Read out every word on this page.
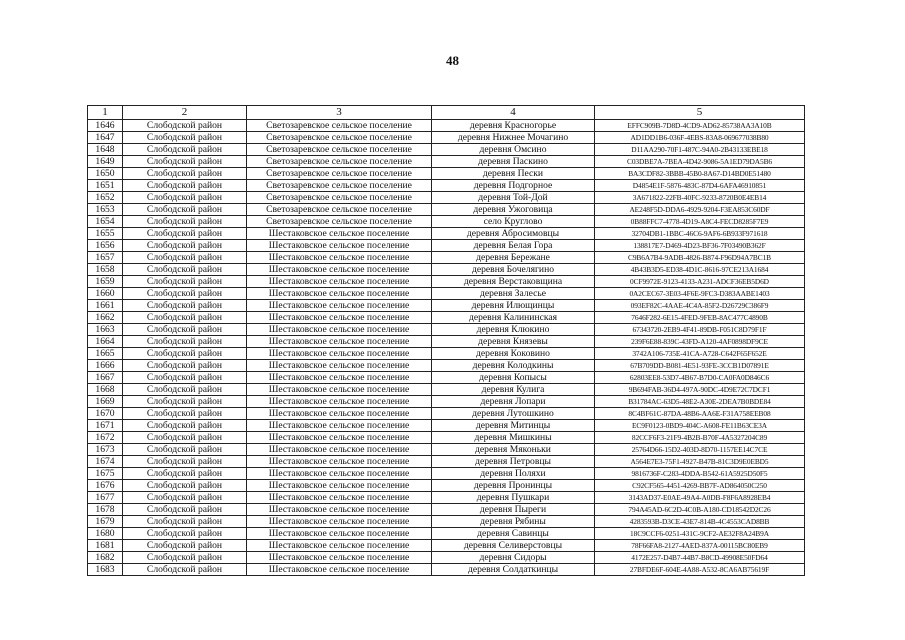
48
1	2	3	4	5
1646	Слободской район	Светозаревское сельское поселение	деревня Красногорье	EFFC909B-7D8D-4CD9-AD62-85738AA3A10B
1647	Слободской район	Светозаревское сельское поселение	деревня Нижнее Мочагино	AD1DD1B6-036F-4EBS-83A8-069677038B80
1648	Слободской район	Светозаревское сельское поселение	деревня Омсино	D11AA290-70F1-487C-94A0-2B43133EBE18
1649	Слободской район	Светозаревское сельское поселение	деревня Паскино	C03DBE7A-7BEA-4D42-9086-5A1ED79DA5B6
1650	Слободской район	Светозаревское сельское поселение	деревня Пески	BA3CDF82-3BBB-45B0-8A67-D14BD0E51480
1651	Слободской район	Светозаревское сельское поселение	деревня Подгорное	D4854E1F-5876-483C-87D4-6AFA46910851
1652	Слободской район	Светозаревское сельское поселение	деревня Той-Дой	3A671822-22FB-40FC-9233-8720B0E4EB14
1653	Слободской район	Светозаревское сельское поселение	деревня Ужоговица	AE248F5D-DDA6-4929-9204-F3EA853C60DF
1654	Слободской район	Светозаревское сельское поселение	село Круглово	0B88FFC7-4778-4D19-A8C4-FECD8285F7E9
1655	Слободской район	Шестаковское сельское поселение	деревня Абросимовцы	32704DB1-1BBC-46C6-9AF6-6B933F971618
1656	Слободской район	Шестаковское сельское поселение	деревня Белая Гора	138817E7-D469-4D23-BF36-7F03490B362F
1657	Слободской район	Шестаковское сельское поселение	деревня Бережане	C9B6A7B4-9ADB-4826-B874-F96D94A7BC1B
1658	Слободской район	Шестаковское сельское поселение	деревня Бочелягино	4B43B3D5-ED38-4D1C-8616-97CE213A1684
1659	Слободской район	Шестаковское сельское поселение	деревня Верстаковщина	0CF9972E-9123-4133-A231-ADCF36EB5D6D
1660	Слободской район	Шестаковское сельское поселение	деревня Залесье	0A2CEC67-3E03-4F6E-9FC3-D383AABE1403
1661	Слободской район	Шестаковское сельское поселение	деревня Илющинцы	093EF82C-4AAE-4C4A-85F2-D26729C386F9
1662	Слободской район	Шестаковское сельское поселение	деревня Калининская	7646F282-6E15-4FED-9FEB-8AC477C4890B
1663	Слободской район	Шестаковское сельское поселение	деревня Клюкино	67343720-2EB9-4F41-89DB-F051C8D79F1F
1664	Слободской район	Шестаковское сельское поселение	деревня Князевы	239F6E88-839C-43FD-A120-4AF0898DF9CE
1665	Слободской район	Шестаковское сельское поселение	деревня Коковино	3742A106-735E-41CA-A728-C642F65F652E
1666	Слободской район	Шестаковское сельское поселение	деревня Колодкины	67B709DD-B081-4E51-93FE-3CCB1D07891E
1667	Слободской район	Шестаковское сельское поселение	деревня Копысы	62803EE8-53D7-4B67-B7D0-CA0FA0D846C6
1668	Слободской район	Шестаковское сельское поселение	деревня Кулига	9B694FAB-36D4-497A-90DC-4D9E72C7DCF1
1669	Слободской район	Шестаковское сельское поселение	деревня Лопари	B31784AC-63D5-48E2-A30E-2DEA7B0BDE84
1670	Слободской район	Шестаковское сельское поселение	деревня Лутошкино	8C4BF61C-87DA-48B6-AA6E-F31A758EEB08
1671	Слободской район	Шестаковское сельское поселение	деревня Митинцы	EC9F0123-0BD9-404C-A608-FE11B63CE3A
1672	Слободской район	Шестаковское сельское поселение	деревня Мишкины	82CCF6F3-21F9-4B2B-B70F-4A5327204C89
1673	Слободской район	Шестаковское сельское поселение	деревня Мяконьки	25764D66-15D2-403D-8D70-1157EE14C7CE
1674	Слободской район	Шестаковское сельское поселение	деревня Петровцы	A564E7E3-75F1-4927-B47B-81C3D9E0EBD5
1675	Слободской район	Шестаковское сельское поселение	деревня Поляхи	9816736F-C283-4DDA-B542-61A5925D50F5
1676	Слободской район	Шестаковское сельское поселение	деревня Пронинцы	C92CF565-4451-4269-BB7F-AD864050C250
1677	Слободской район	Шестаковское сельское поселение	деревня Пушкари	3143AD37-E0AE-49A4-A0DB-F8F6A8928EB4
1678	Слободской район	Шестаковское сельское поселение	деревня Пыреги	794A45AD-6C2D-4C0B-A180-CD18542D2C26
1679	Слободской район	Шестаковское сельское поселение	деревня Рябины	4283593B-D3CE-43E7-814B-4C4553CAD8BB
1680	Слободской район	Шестаковское сельское поселение	деревня Савинцы	18C9CCF6-0251-431C-9CF2-AE32F8A24B9A
1681	Слободской район	Шестаковское сельское поселение	деревня Селиверстовцы	78F66FA8-2127-4AED-837A-00115BC80EB9
1682	Слободской район	Шестаковское сельское поселение	деревня Сидоры	4172E257-D4B7-44B7-B8CD-49908E50FD64
1683	Слободской район	Шестаковское сельское поселение	деревня Солдаткинцы	27BFDE6F-604E-4A88-A532-8CA6AB75619F
